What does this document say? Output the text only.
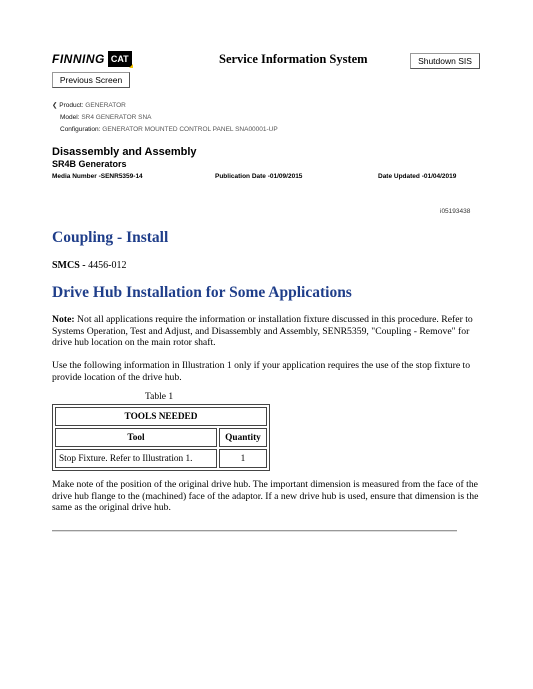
FINNING CAT	Service Information System	Shutdown SIS
Previous Screen
❮ Product: GENERATOR
Model: SR4 GENERATOR SNA
Configuration: GENERATOR MOUNTED CONTROL PANEL SNA00001-UP
Disassembly and Assembly
SR4B Generators
Media Number -SENR5359-14	Publication Date -01/09/2015	Date Updated -01/04/2019
i05193438
Coupling - Install
SMCS - 4456-012
Drive Hub Installation for Some Applications
Note: Not all applications require the information or installation fixture discussed in this procedure. Refer to Systems Operation, Test and Adjust, and Disassembly and Assembly, SENR5359, "Coupling - Remove" for drive hub location on the main rotor shaft.
Use the following information in Illustration 1 only if your application requires the use of the stop fixture to provide location of the drive hub.
Table 1
TOOLS NEEDED	
Tool	Quantity
Stop Fixture. Refer to Illustration 1.	1
Make note of the position of the original drive hub. The important dimension is measured from the face of the drive hub flange to the (machined) face of the adaptor. If a new drive hub is used, ensure that dimension is the same as the original drive hub.
